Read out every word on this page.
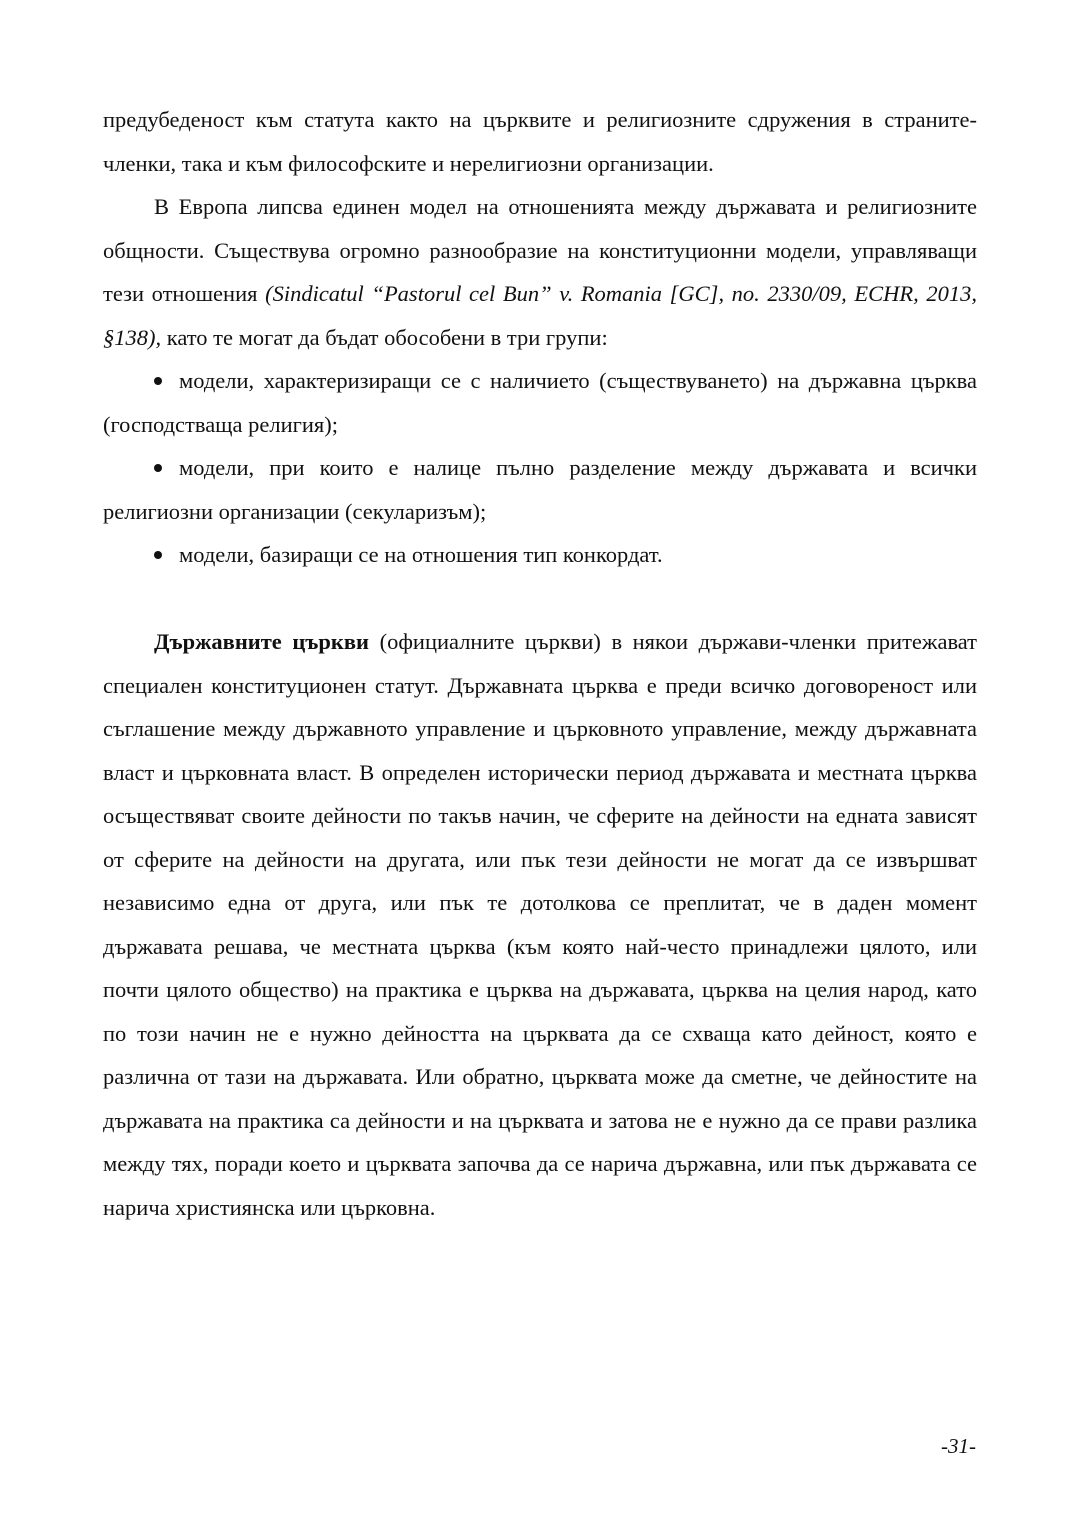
предубеденост към статута както на църквите и религиозните сдружения в страните-членки, така и към философските и нерелигиозни организации.

В Европа липсва единен модел на отношенията между държавата и религиозните общности. Съществува огромно разнообразие на конституционни модели, управляващи тези отношения (Sindicatul “Pastorul cel Bun” v. Romania [GC], no. 2330/09, ECHR, 2013, §138), като те могат да бъдат обособени в три групи:

модели, характеризиращи се с наличието (съществуването) на държавна църква (господстваща религия);

модели, при които е налице пълно разделение между държавата и всички религиозни организации (секуларизъм);

модели, базиращи се на отношения тип конкордат.

Държавните църкви (официалните църкви) в някои държави-членки притежават специален конституционен статут. Държавната църква е преди всичко договореност или съглашение между държавното управление и църковното управление, между държавната власт и църковната власт. В определен исторически период държавата и местната църква осъществяват своите дейности по такъв начин, че сферите на дейности на едната зависят от сферите на дейности на другата, или пък тези дейности не могат да се извършват независимо една от друга, или пък те дотолкова се преплитат, че в даден момент държавата решава, че местната църква (към която най-често принадлежи цялото, или почти цялото общество) на практика е църква на държавата, църква на целия народ, като по този начин не е нужно дейността на църквата да се схваща като дейност, която е различна от тази на държавата. Или обратно, църквата може да сметне, че дейностите на държавата на практика са дейности и на църквата и затова не е нужно да се прави разлика между тях, поради което и църквата започва да се нарича държавна, или пък държавата се нарича християнска или църковна.

-31-
